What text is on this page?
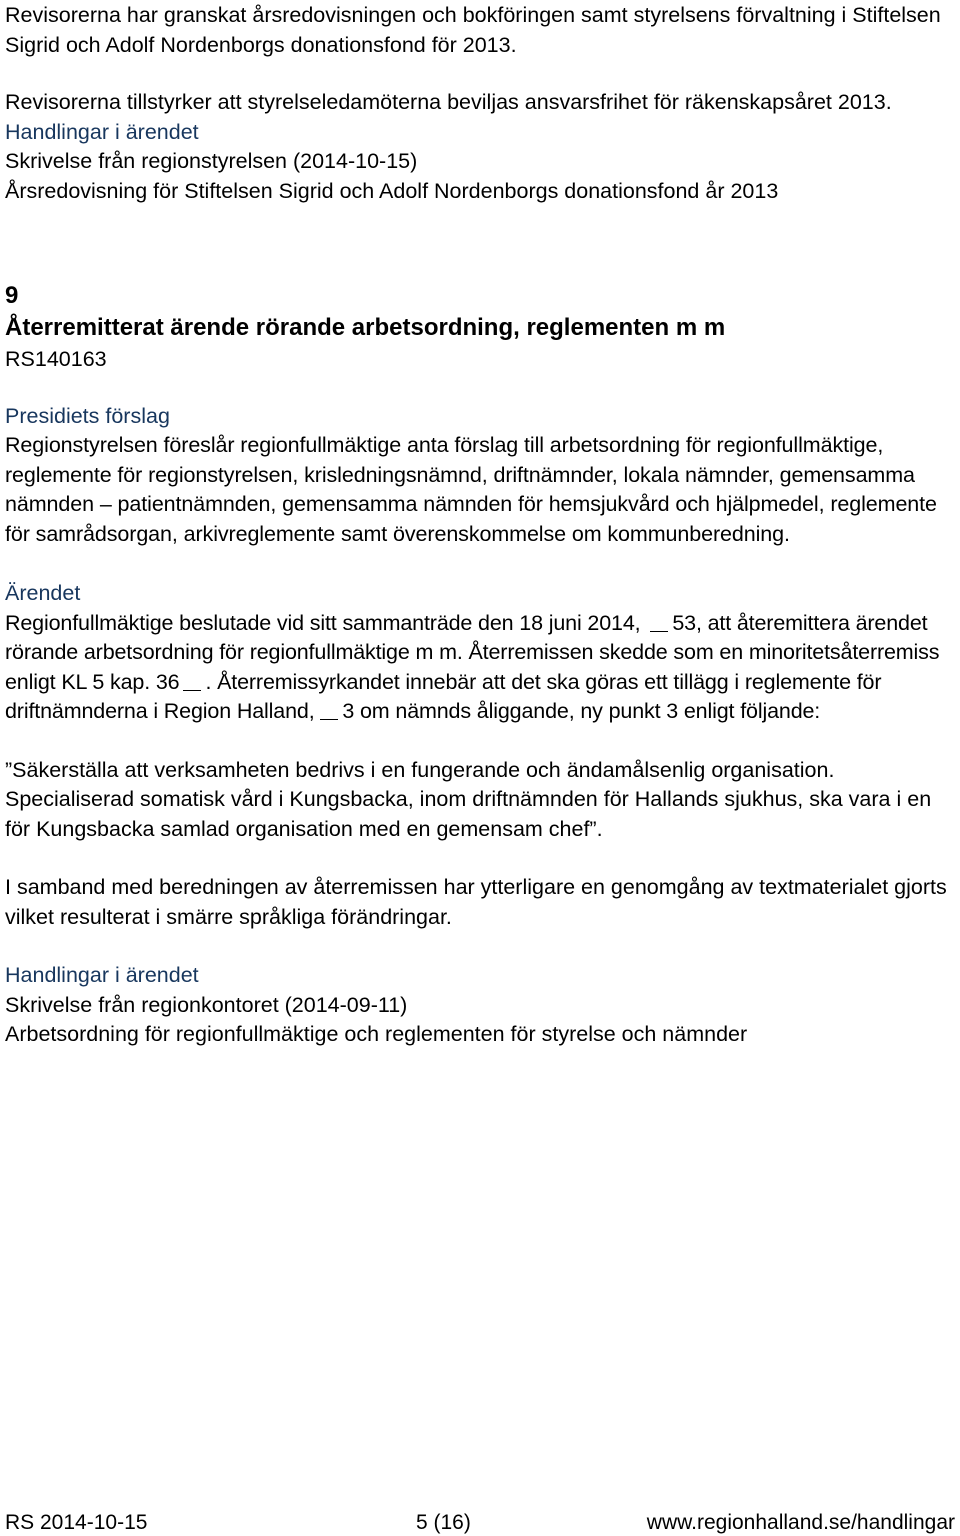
Revisorerna har granskat årsredovisningen och bokföringen samt styrelsens förvaltning i Stiftelsen Sigrid och Adolf Nordenborgs donationsfond för 2013.

Revisorerna tillstyrker att styrelseledamöterna beviljas ansvarsfrihet för räkenskapsåret 2013.

Handlingar i ärendet

Skrivelse från regionstyrelsen (2014-10-15)

Årsredovisning för Stiftelsen Sigrid och Adolf Nordenborgs donationsfond år 2013

9
Återremitterat ärende rörande arbetsordning, reglementen m m

RS140163

Presidiets förslag

Regionstyrelsen föreslår regionfullmäktige anta förslag till arbetsordning för regionfullmäktige, reglemente för regionstyrelsen, krisledningsnämnd, driftnämnder, lokala nämnder, gemensamma nämnden – patientnämnden, gemensamma nämnden för hemsjukvård och hjälpmedel, reglemente för samrådsorgan, arkivreglemente samt överenskommelse om kommunberedning.

Ärendet

Regionfullmäktige beslutade vid sitt sammanträde den 18 juni 2014, 53, att återemittera ärendet rörande arbetsordning för regionfullmäktige m m. Återremissen skedde som en minoritetsåterremiss enligt KL 5 kap. 36 . Återremissyrkandet innebär att det ska göras ett tillägg i reglemente för driftnämnderna i Region Halland, 3 om nämnds åliggande, ny punkt 3 enligt följande:

”Säkerställa att verksamheten bedrivs i en fungerande och ändamålsenlig organisation. Specialiserad somatisk vård i Kungsbacka, inom driftnämnden för Hallands sjukhus, ska vara i en för Kungsbacka samlad organisation med en gemensam chef”.

I samband med beredningen av återremissen har ytterligare en genomgång av textmaterialet gjorts vilket resulterat i smärre språkliga förändringar.

Handlingar i ärendet

Skrivelse från regionkontoret (2014-09-11)

Arbetsordning för regionfullmäktige och reglementen för styrelse och nämnder

RS 2014-10-15	5 (16)	www.regionhalland.se/handlingar
